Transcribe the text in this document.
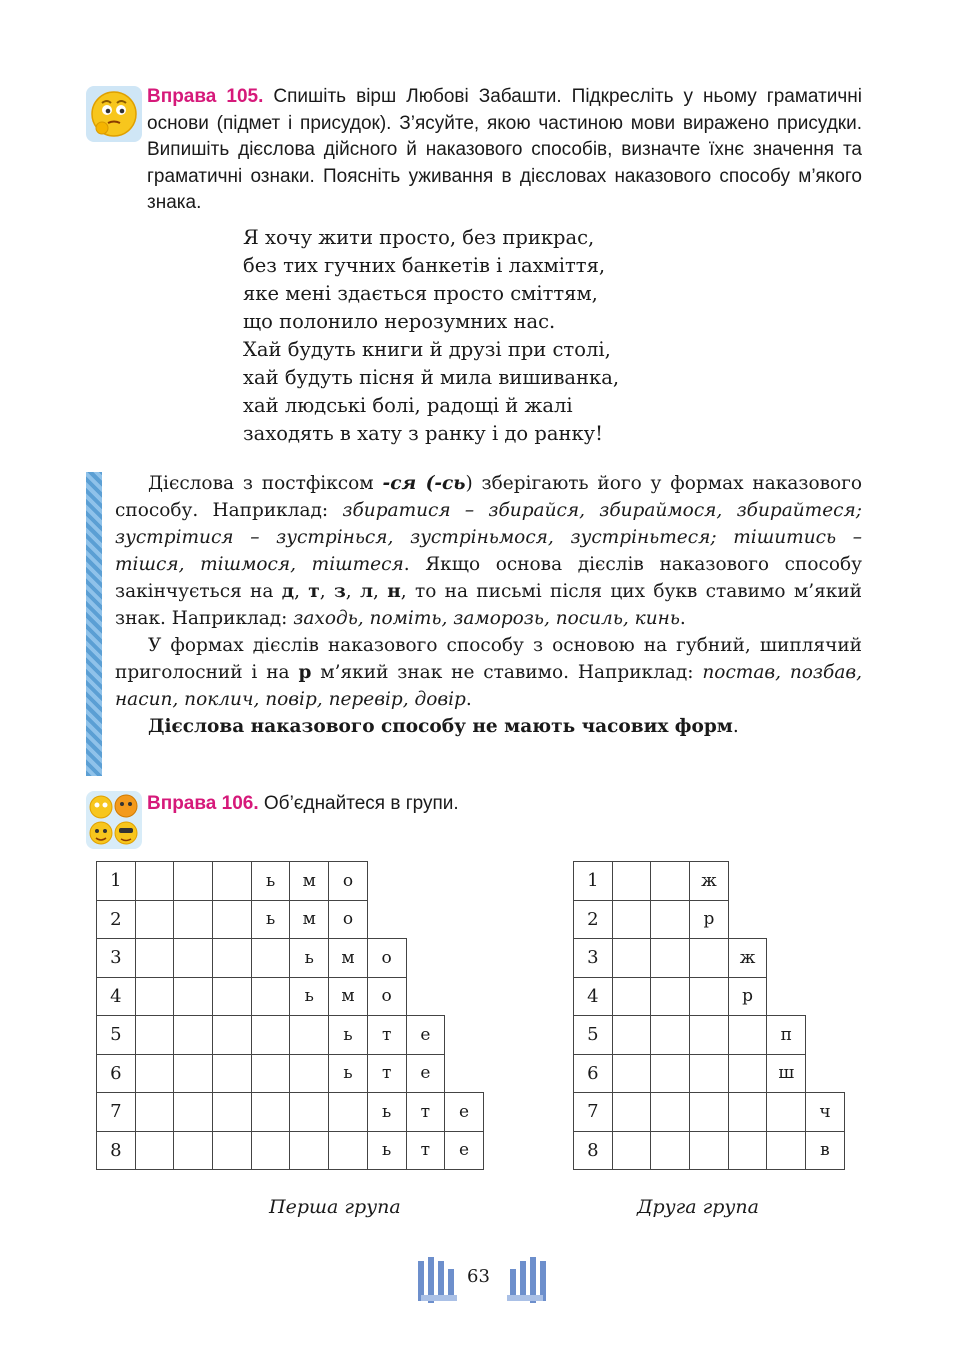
Вправа 105. Спишіть вірш Любові Забашти. Підкресліть у ньому граматичні основи (підмет і присудок). З’ясуйте, якою частиною мови виражено присудки. Випишіть дієслова дійсного й наказового способів, визначте їхнє значення та граматичні ознаки. Поясніть уживання в дієсловах наказового способу м’якого знака.
Я хочу жити просто, без прикрас,
без тих гучних банкетів і лахміття,
яке мені здається просто сміттям,
що полонило нерозумних нас.
Хай будуть книги й друзі при столі,
хай будуть пісня й мила вишиванка,
хай людські болі, радощі й жалі
заходять в хату з ранку і до ранку!

Дієслова з постфіксом -ся (-сь) зберігають його у формах наказового способу. Наприклад: збиратися – збирайся, збираймося, збирайтеся; зустрітися – зустрінься, зустріньмося, зустріньтеся; тішитись – тішся, тішмося, тіштеся. Якщо основа дієслів наказового способу закінчується на д, т, з, л, н, то на письмі після цих букв ставимо м’який знак. Наприклад: заходь, поміть, заморозь, посиль, кинь.

У формах дієслів наказового способу з основою на губний, шиплячий приголосний і на р м’який знак не ставимо. Наприклад: постав, позбав, насип, поклич, повір, перевір, довір.

Дієслова наказового способу не мають часових форм.

Вправа 106. Об’єднайтеся в групи.
1				ь	м	о			
2				ь	м	о			
3					ь	м	о		
4					ь	м	о		
5						ь	т	е	
6						ь	т	е	
7							ь	т	е
8							ь	т	е
1			ж			
2			р			
3				ж		
4				р		
5					п	
6					ш	
7						ч
8						в
Перша група	Друга група
63
